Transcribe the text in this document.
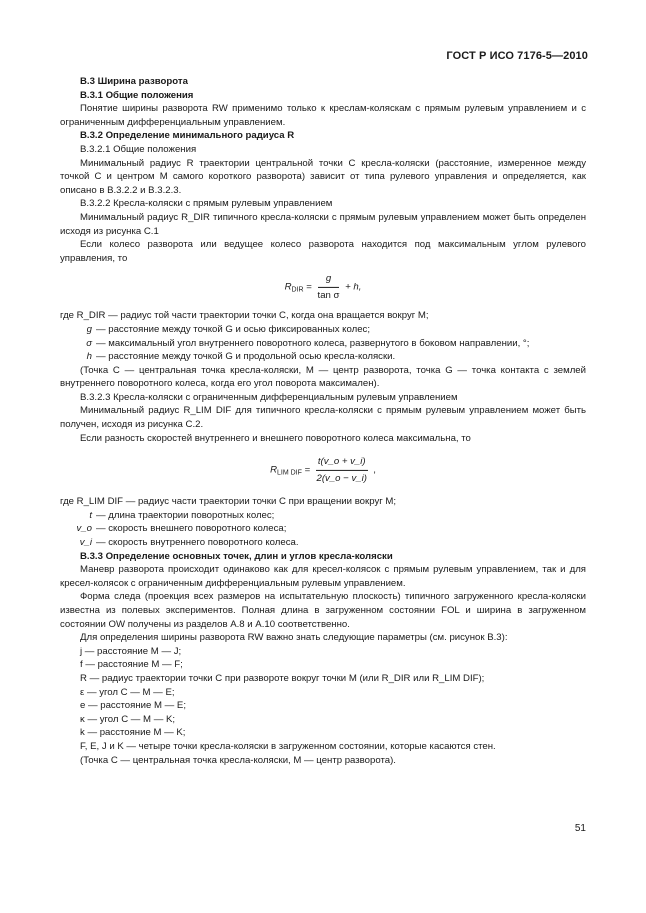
ГОСТ Р ИСО 7176-5—2010

В.3 Ширина разворота

В.3.1 Общие положения

Понятие ширины разворота RW применимо только к креслам-коляскам с прямым рулевым управлением и с ограниченным дифференциальным управлением.

В.3.2 Определение минимального радиуса R

В.3.2.1 Общие положения

Минимальный радиус R траектории центральной точки C кресла-коляски (расстояние, измеренное между точкой C и центром M самого короткого разворота) зависит от типа рулевого управления и определяется, как описано в В.3.2.2 и В.3.2.3.

В.3.2.2 Кресла-коляски с прямым рулевым управлением

Минимальный радиус R_DIR типичного кресла-коляски с прямым рулевым управлением может быть определен исходя из рисунка С.1

Если колесо разворота или ведущее колесо разворота находится под максимальным углом рулевого управления, то

$R_{DIR} = \frac{g}{\text{tan σ}} + h$,

где R_DIR — радиус той части траектории точки C, когда она вращается вокруг M;

g — расстояние между точкой G и осью фиксированных колес;
σ — максимальный угол внутреннего поворотного колеса, развернутого в боковом направлении, °;
h — расстояние между точкой G и продольной осью кресла-коляски.

(Точка C — центральная точка кресла-коляски, M — центр разворота, точка G — точка контакта с землей внутреннего поворотного колеса, когда его угол поворота максимален).

В.3.2.3 Кресла-коляски с ограниченным дифференциальным рулевым управлением

Минимальный радиус R_LIM DIF для типичного кресла-коляски с прямым рулевым управлением может быть получен, исходя из рисунка С.2.

Если разность скоростей внутреннего и внешнего поворотного колеса максимальна, то

$R_{LIM DIF} = \frac{t(v\_o + v\_i)}{2(v\_o - v\_i)}$ ,

где R_LIM DIF — радиус части траектории точки C при вращении вокруг M;

t — длина траектории поворотных колес;
v_o — скорость внешнего поворотного колеса;
v_i — скорость внутреннего поворотного колеса.

В.3.3 Определение основных точек, длин и углов кресла-коляски

Маневр разворота происходит одинаково как для кресел-колясок с прямым рулевым управлением, так и для кресел-колясок с ограниченным дифференциальным рулевым управлением.

Форма следа (проекция всех размеров на испытательную плоскость) типичного загруженного кресла-коляски известна из полевых экспериментов. Полная длина в загруженном состоянии FOL и ширина в загруженном состоянии OW получены из разделов А.8 и А.10 соответственно.

Для определения ширины разворота RW важно знать следующие параметры (см. рисунок В.3):

j — расстояние M — J;

f — расстояние M — F;

R — радиус траектории точки C при развороте вокруг точки M (или R_DIR или R_LIM DIF);

ε — угол C — M — E;

e — расстояние M — E;

κ — угол C — M — K;

k — расстояние M — K;

F, E, J и K — четыре точки кресла-коляски в загруженном состоянии, которые касаются стен.

(Точка C — центральная точка кресла-коляски, M — центр разворота).

51
